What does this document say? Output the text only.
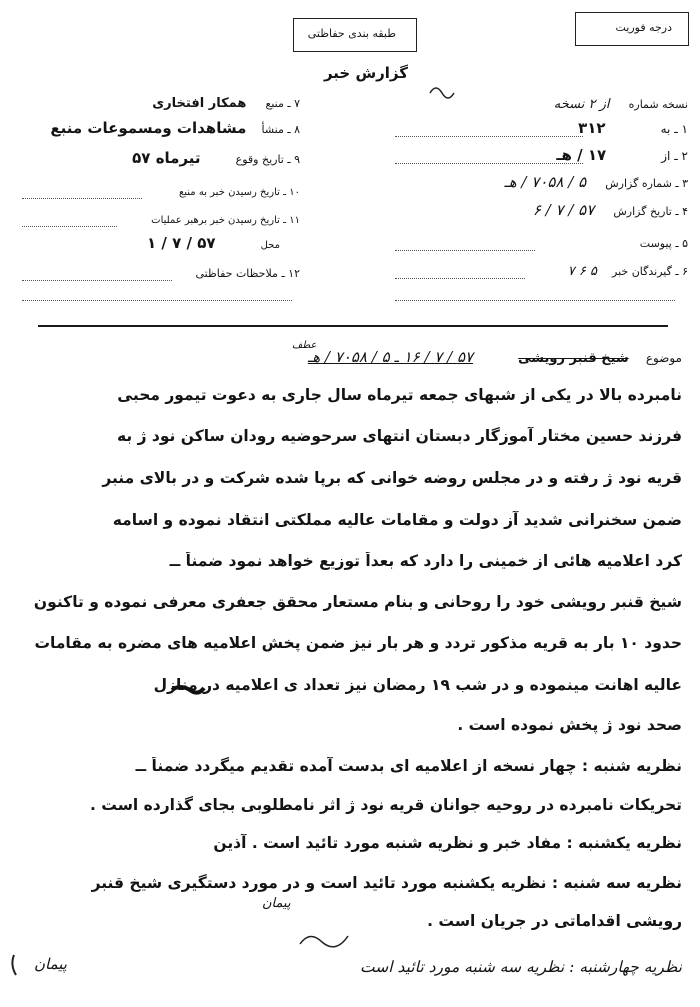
درجه فوریت
طبقه بندی حفاظتی
گزارش خبر
نسخه شماره از ۲ نسخه
۱ ـ به ۳۱۲
۲ ـ از ۱۷ / هـ
۳ ـ شماره گزارش ۵ / ۷۰۵۸ / هـ
۴ ـ تاریخ گزارش ۵۷ / ۷ / ۶
۵ ـ پیوست
۶ ـ گیرندگان خبر ۵ ۶ ۷
۷ ـ منبع همکار افتخاری
۸ ـ منشأ مشاهدات ومسموعات منبع
۹ ـ تاریخ وقوع تیرماه ۵۷
۱۰ ـ تاریخ رسیدن خبر به منبع
۱۱ ـ تاریخ رسیدن خبر برهبر عملیات
محل ۵۷ / ۷ / ۱
۱۲ ـ ملاحظات حفاظتی
موضوع شیخ قنبر رویشی ۵۷ / ۷ / ۱۶ ـ ۵ / ۷۰۵۸ / هـ
عطف
نامبرده بالا در یکی از شبهای جمعه تیرماه سال جاری به دعوت تیمور محبی
فرزند حسین مختار آموزگار دبستان انتهای سرحوضیه رودان ساکن نود ژ به
قریه نود ژ رفته و در مجلس روضه خوانی که برپا شده شرکت و در بالای منبر
ضمن سخنرانی شدید آز دولت و مقامات عالیه مملکتی انتقاد نموده و اسامه
کرد اعلامیه هائی از خمینی را دارد که بعداً توزیع خواهد نمود ضمناً ــ
شیخ قنبر رویشی خود را روحانی و بنام مستعار محقق جعفری معرفی نموده و تاکنون
حدود ۱۰ بار به قریه مذکور تردد و هر بار نیز ضمن پخش اعلامیه های مضره به مقامات
عالیه اهانت مینموده و در شب ۱۹ رمضان نیز تعداد ی اعلامیه در منازل
صحد نود ژ پخش نموده است .
نظریه شنبه : چهار نسخه از اعلامیه ای بدست آمده تقدیم میگردد ضمناً ــ
تحریکات نامبرده در روحیه جوانان قریه نود ژ اثر نامطلوبی بجای گذارده است .
نظریه یکشنبه : مفاد خبر و نظریه شنبه مورد تائید است . آذین
نظریه سه شنبه : نظریه یکشنبه مورد تائید است و در مورد دستگیری شیخ قنبر
رویشی اقداماتی در جریان است .
نظریه چهارشنبه : نظریه سه شنبه مورد تائید است
پیمان
پیمان
